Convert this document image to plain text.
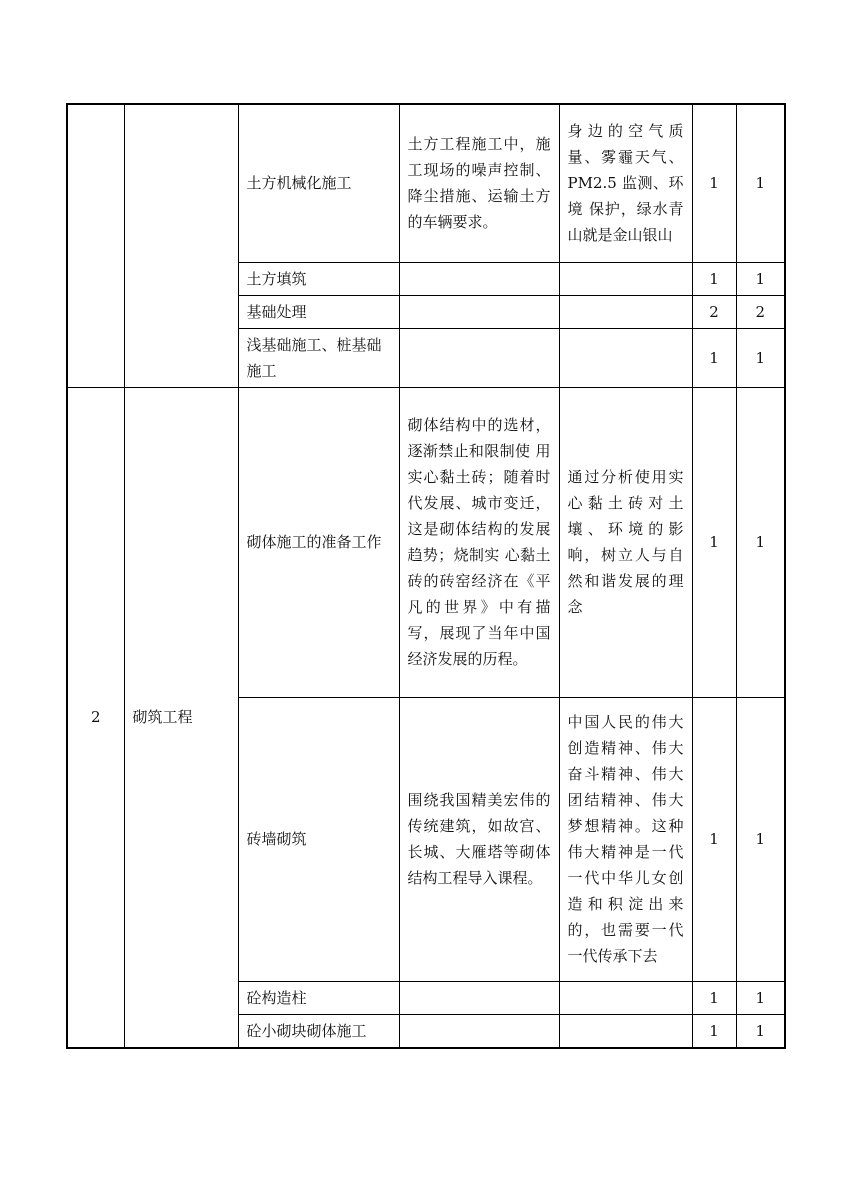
		土方机械化施工	土方工程施工中，施工现场的噪声控制、降尘措施、运输土方的车辆要求。	身边的空气质量、雾霾天气、PM2.5 监测、环境 保护，绿水青山就是金山银山	1	1
		土方填筑			1	1
		基础处理			2	2
		浅基础施工、桩基础施工			1	1
2	砌筑工程	砌体施工的准备工作	砌体结构中的选材，逐渐禁止和限制使 用实心黏土砖；随着时代发展、城市变迁，这是砌体结构的发展趋势；烧制实 心黏土砖的砖窑经济在《平凡的世界》中有描写，展现了当年中国经济发展的历程。	通过分析使用实心黏土砖对土壤、环境的影响，树立人与自然和谐发展的理念	1	1
		砖墙砌筑	围绕我国精美宏伟的传统建筑，如故宫、长城、大雁塔等砌体结构工程导入课程。	中国人民的伟大创造精神、伟大奋斗精神、伟大团结精神、伟大梦想精神。这种伟大精神是一代一代中华儿女创造和积淀出来的，也需要一代一代传承下去	1	1
		砼构造柱			1	1
		砼小砌块砌体施工			1	1
